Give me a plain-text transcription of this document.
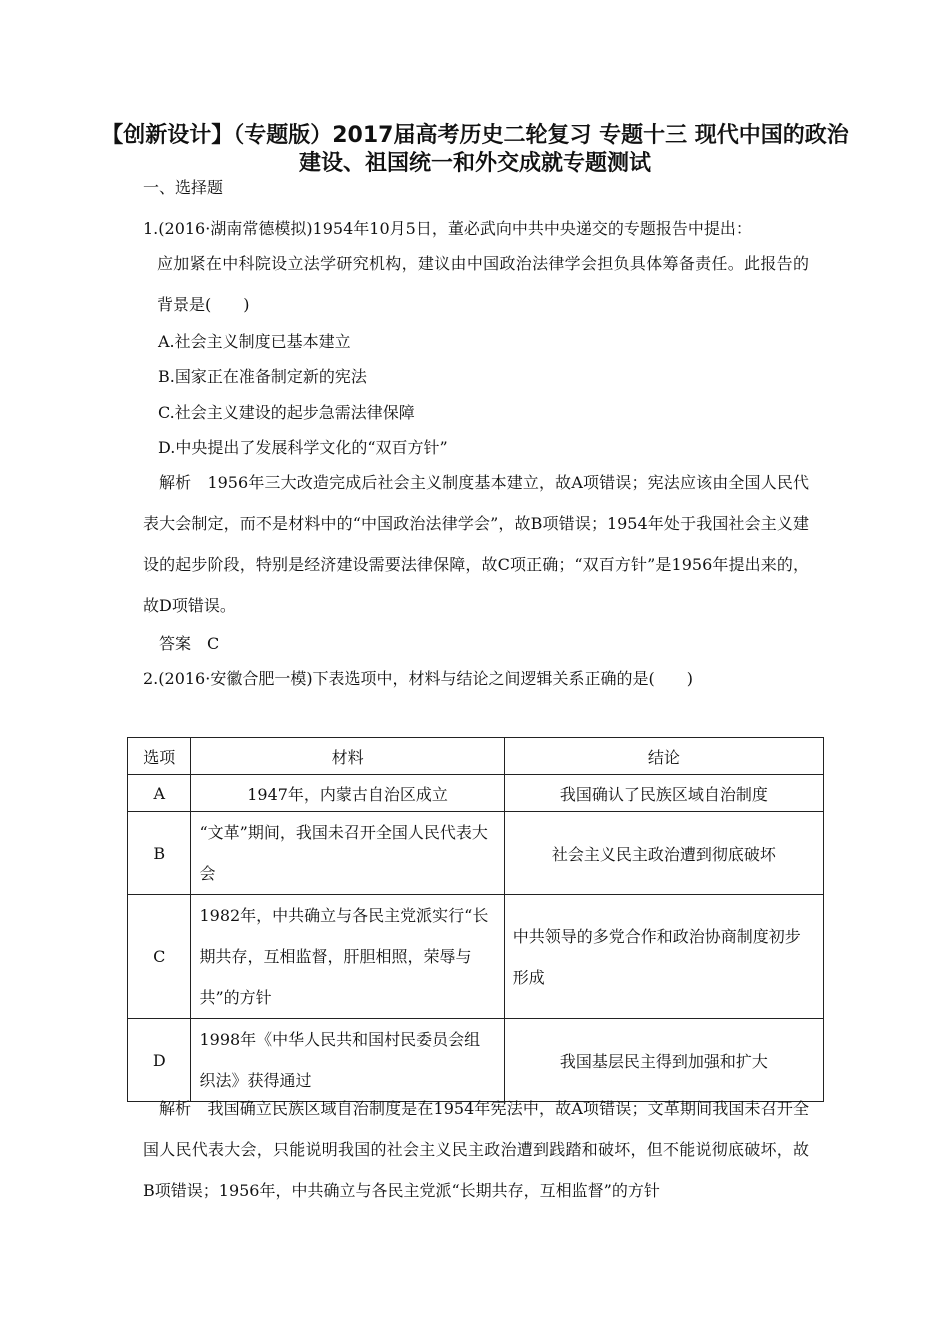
【创新设计】（专题版）2017届高考历史二轮复习 专题十三 现代中国的政治建设、祖国统一和外交成就专题测试
一、选择题
1.(2016·湖南常德模拟)1954年10月5日，董必武向中共中央递交的专题报告中提出：
应加紧在中科院设立法学研究机构，建议由中国政治法律学会担负具体筹备责任。此报告的背景是(　　)
A.社会主义制度已基本建立
B.国家正在准备制定新的宪法
C.社会主义建设的起步急需法律保障
D.中央提出了发展科学文化的“双百方针”
解析　1956年三大改造完成后社会主义制度基本建立，故A项错误；宪法应该由全国人民代表大会制定，而不是材料中的“中国政治法律学会”，故B项错误；1954年处于我国社会主义建设的起步阶段，特别是经济建设需要法律保障，故C项正确；“双百方针”是1956年提出来的，故D项错误。
答案　C
2.(2016·安徽合肥一模)下表选项中，材料与结论之间逻辑关系正确的是(　　)
选项	材料	结论
A	1947年，内蒙古自治区成立	我国确认了民族区域自治制度
B	“文革”期间，我国未召开全国人民代表大会	社会主义民主政治遭到彻底破坏
C	1982年，中共确立与各民主党派实行“长期共存，互相监督，肝胆相照，荣辱与共”的方针	中共领导的多党合作和政治协商制度初步形成
D	1998年《中华人民共和国村民委员会组织法》获得通过	我国基层民主得到加强和扩大
解析　我国确立民族区域自治制度是在1954年宪法中，故A项错误；文革期间我国未召开全国人民代表大会，只能说明我国的社会主义民主政治遭到践踏和破坏，但不能说彻底破坏，故B项错误；1956年，中共确立与各民主党派“长期共存，互相监督”的方针
